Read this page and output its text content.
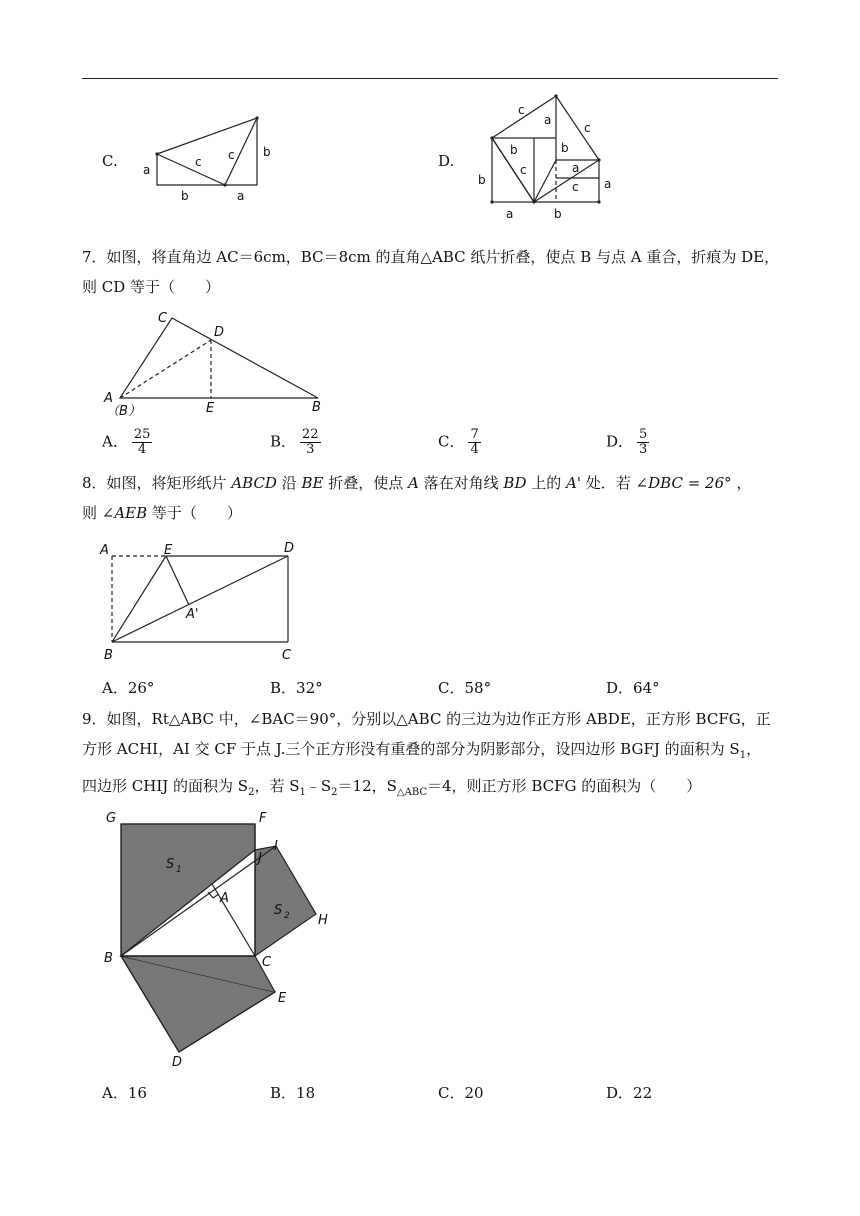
C. a
b
c c b
a
D.
c
a
c
b	b
c	a
c a
b
a	b
7．如图，将直角边 AC＝6cm，BC＝8cm 的直角△ABC 纸片折叠，使点 B 与点 A 重合，折痕为 DE，
则 CD 等于（　　）
C
D
A
（B）	E	B
A． $\frac{25}{4}$	B． $\frac{22}{3}$	C． $\frac{7}{4}$	D． $\frac{5}{3}$
8．如图，将矩形纸片 ABCD 沿 BE 折叠，使点 A 落在对角线 BD 上的 A' 处．若 ∠DBC = 26° ，
则 ∠AEB 等于（　　）
A	E	D
A'
B	C
A．26°	B．32°	C．58°	D．64°
9．如图，Rt△ABC 中，∠BAC＝90°，分别以△ABC 的三边为边作正方形 ABDE，正方形 BCFG，正
方形 ACHI，AI 交 CF 于点 J.三个正方形没有重叠的部分为阴影部分，设四边形 BGFJ 的面积为 $S_1$，
四边形 CHIJ 的面积为 $S_2$，若 $S_1﹣S_2=12$，$S_{\triangle ABC}=4$，则正方形 BCFG 的面积为（　　）
G	F
J
I
S 1
A
S 2 H
B	C
E
D
A．16	B．18	C．20	D．22
